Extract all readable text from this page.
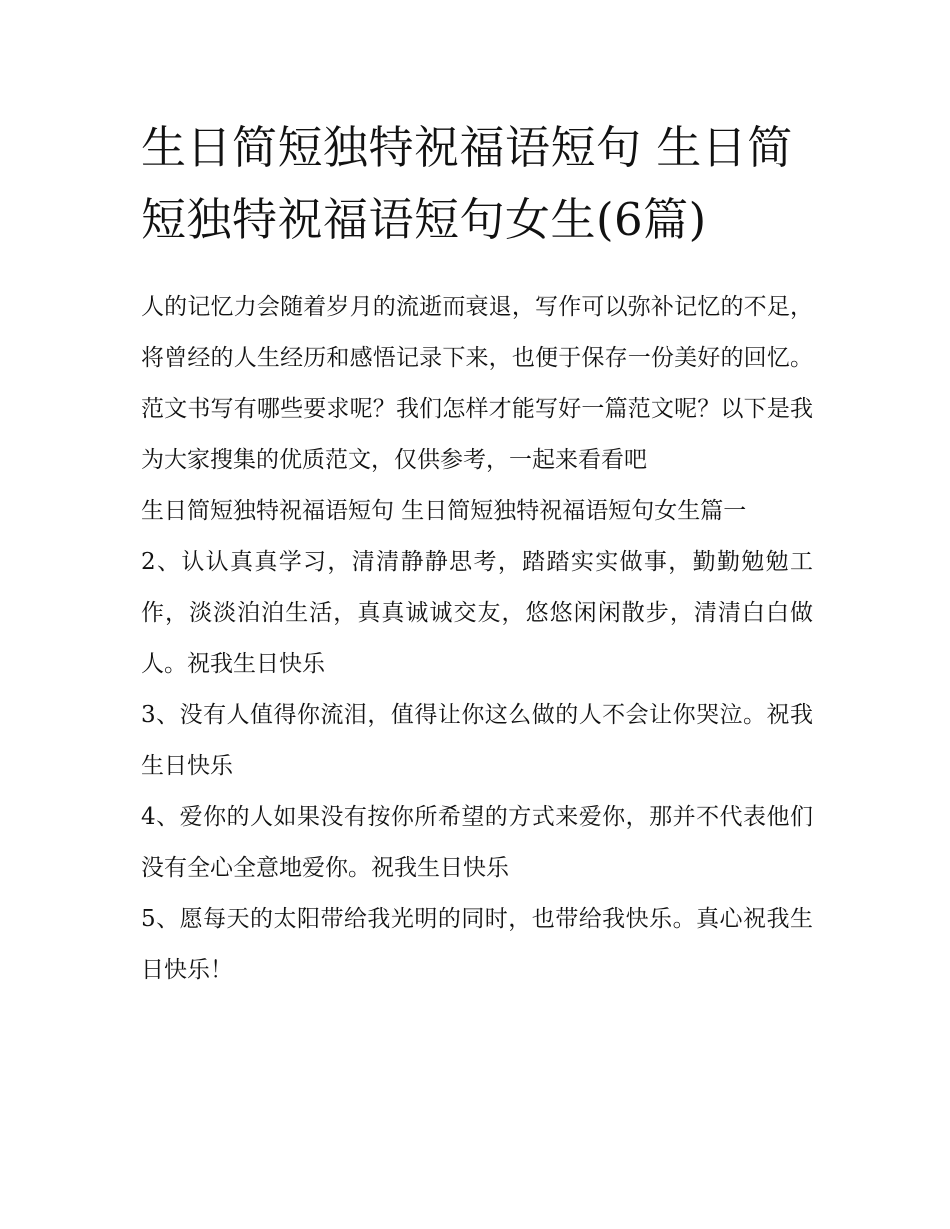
生日简短独特祝福语短句 生日简短独特祝福语短句女生(6篇)

人的记忆力会随着岁月的流逝而衰退，写作可以弥补记忆的不足，将曾经的人生经历和感悟记录下来，也便于保存一份美好的回忆。范文书写有哪些要求呢？我们怎样才能写好一篇范文呢？以下是我为大家搜集的优质范文，仅供参考，一起来看看吧

生日简短独特祝福语短句 生日简短独特祝福语短句女生篇一

2、认认真真学习，清清静静思考，踏踏实实做事，勤勤勉勉工作，淡淡泊泊生活，真真诚诚交友，悠悠闲闲散步，清清白白做人。祝我生日快乐

3、没有人值得你流泪，值得让你这么做的人不会让你哭泣。祝我生日快乐

4、爱你的人如果没有按你所希望的方式来爱你，那并不代表他们没有全心全意地爱你。祝我生日快乐

5、愿每天的太阳带给我光明的同时，也带给我快乐。真心祝我生日快乐！
